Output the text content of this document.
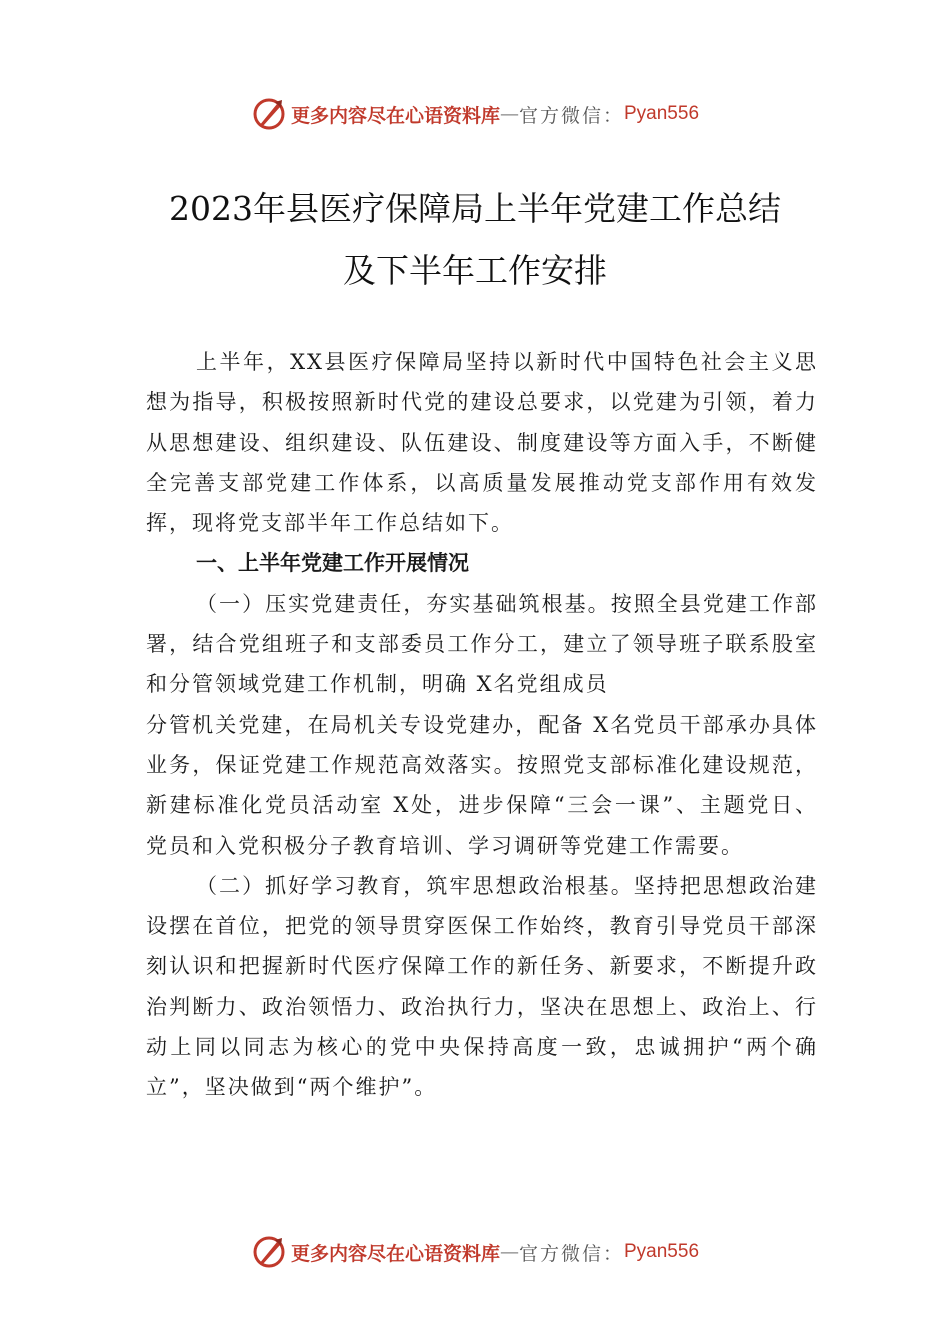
更多内容尽在心语资料库 — 官方微信： Pyan556
2023年县医疗保障局上半年党建工作总结
及下半年工作安排

上半年，XX县医疗保障局坚持以新时代中国特色社会主义思想为指导，积极按照新时代党的建设总要求，以党建为引领，着力从思想建设、组织建设、队伍建设、制度建设等方面入手，不断健全完善支部党建工作体系，以高质量发展推动党支部作用有效发挥，现将党支部半年工作总结如下。

一、上半年党建工作开展情况

（一）压实党建责任，夯实基础筑根基。按照全县党建工作部署，结合党组班子和支部委员工作分工，建立了领导班子联系股室和分管领域党建工作机制，明确 X名党组成员

分管机关党建，在局机关专设党建办，配备 X名党员干部承办具体业务，保证党建工作规范高效落实。按照党支部标准化建设规范，新建标准化党员活动室 X处，进步保障“三会一课”、主题党日、党员和入党积极分子教育培训、学习调研等党建工作需要。

（二）抓好学习教育，筑牢思想政治根基。坚持把思想政治建设摆在首位，把党的领导贯穿医保工作始终，教育引导党员干部深刻认识和把握新时代医疗保障工作的新任务、新要求，不断提升政治判断力、政治领悟力、政治执行力，坚决在思想上、政治上、行动上同以同志为核心的党中央保持高度一致，忠诚拥护“两个确立”，坚决做到“两个维护”。

更多内容尽在心语资料库 — 官方微信： Pyan556
